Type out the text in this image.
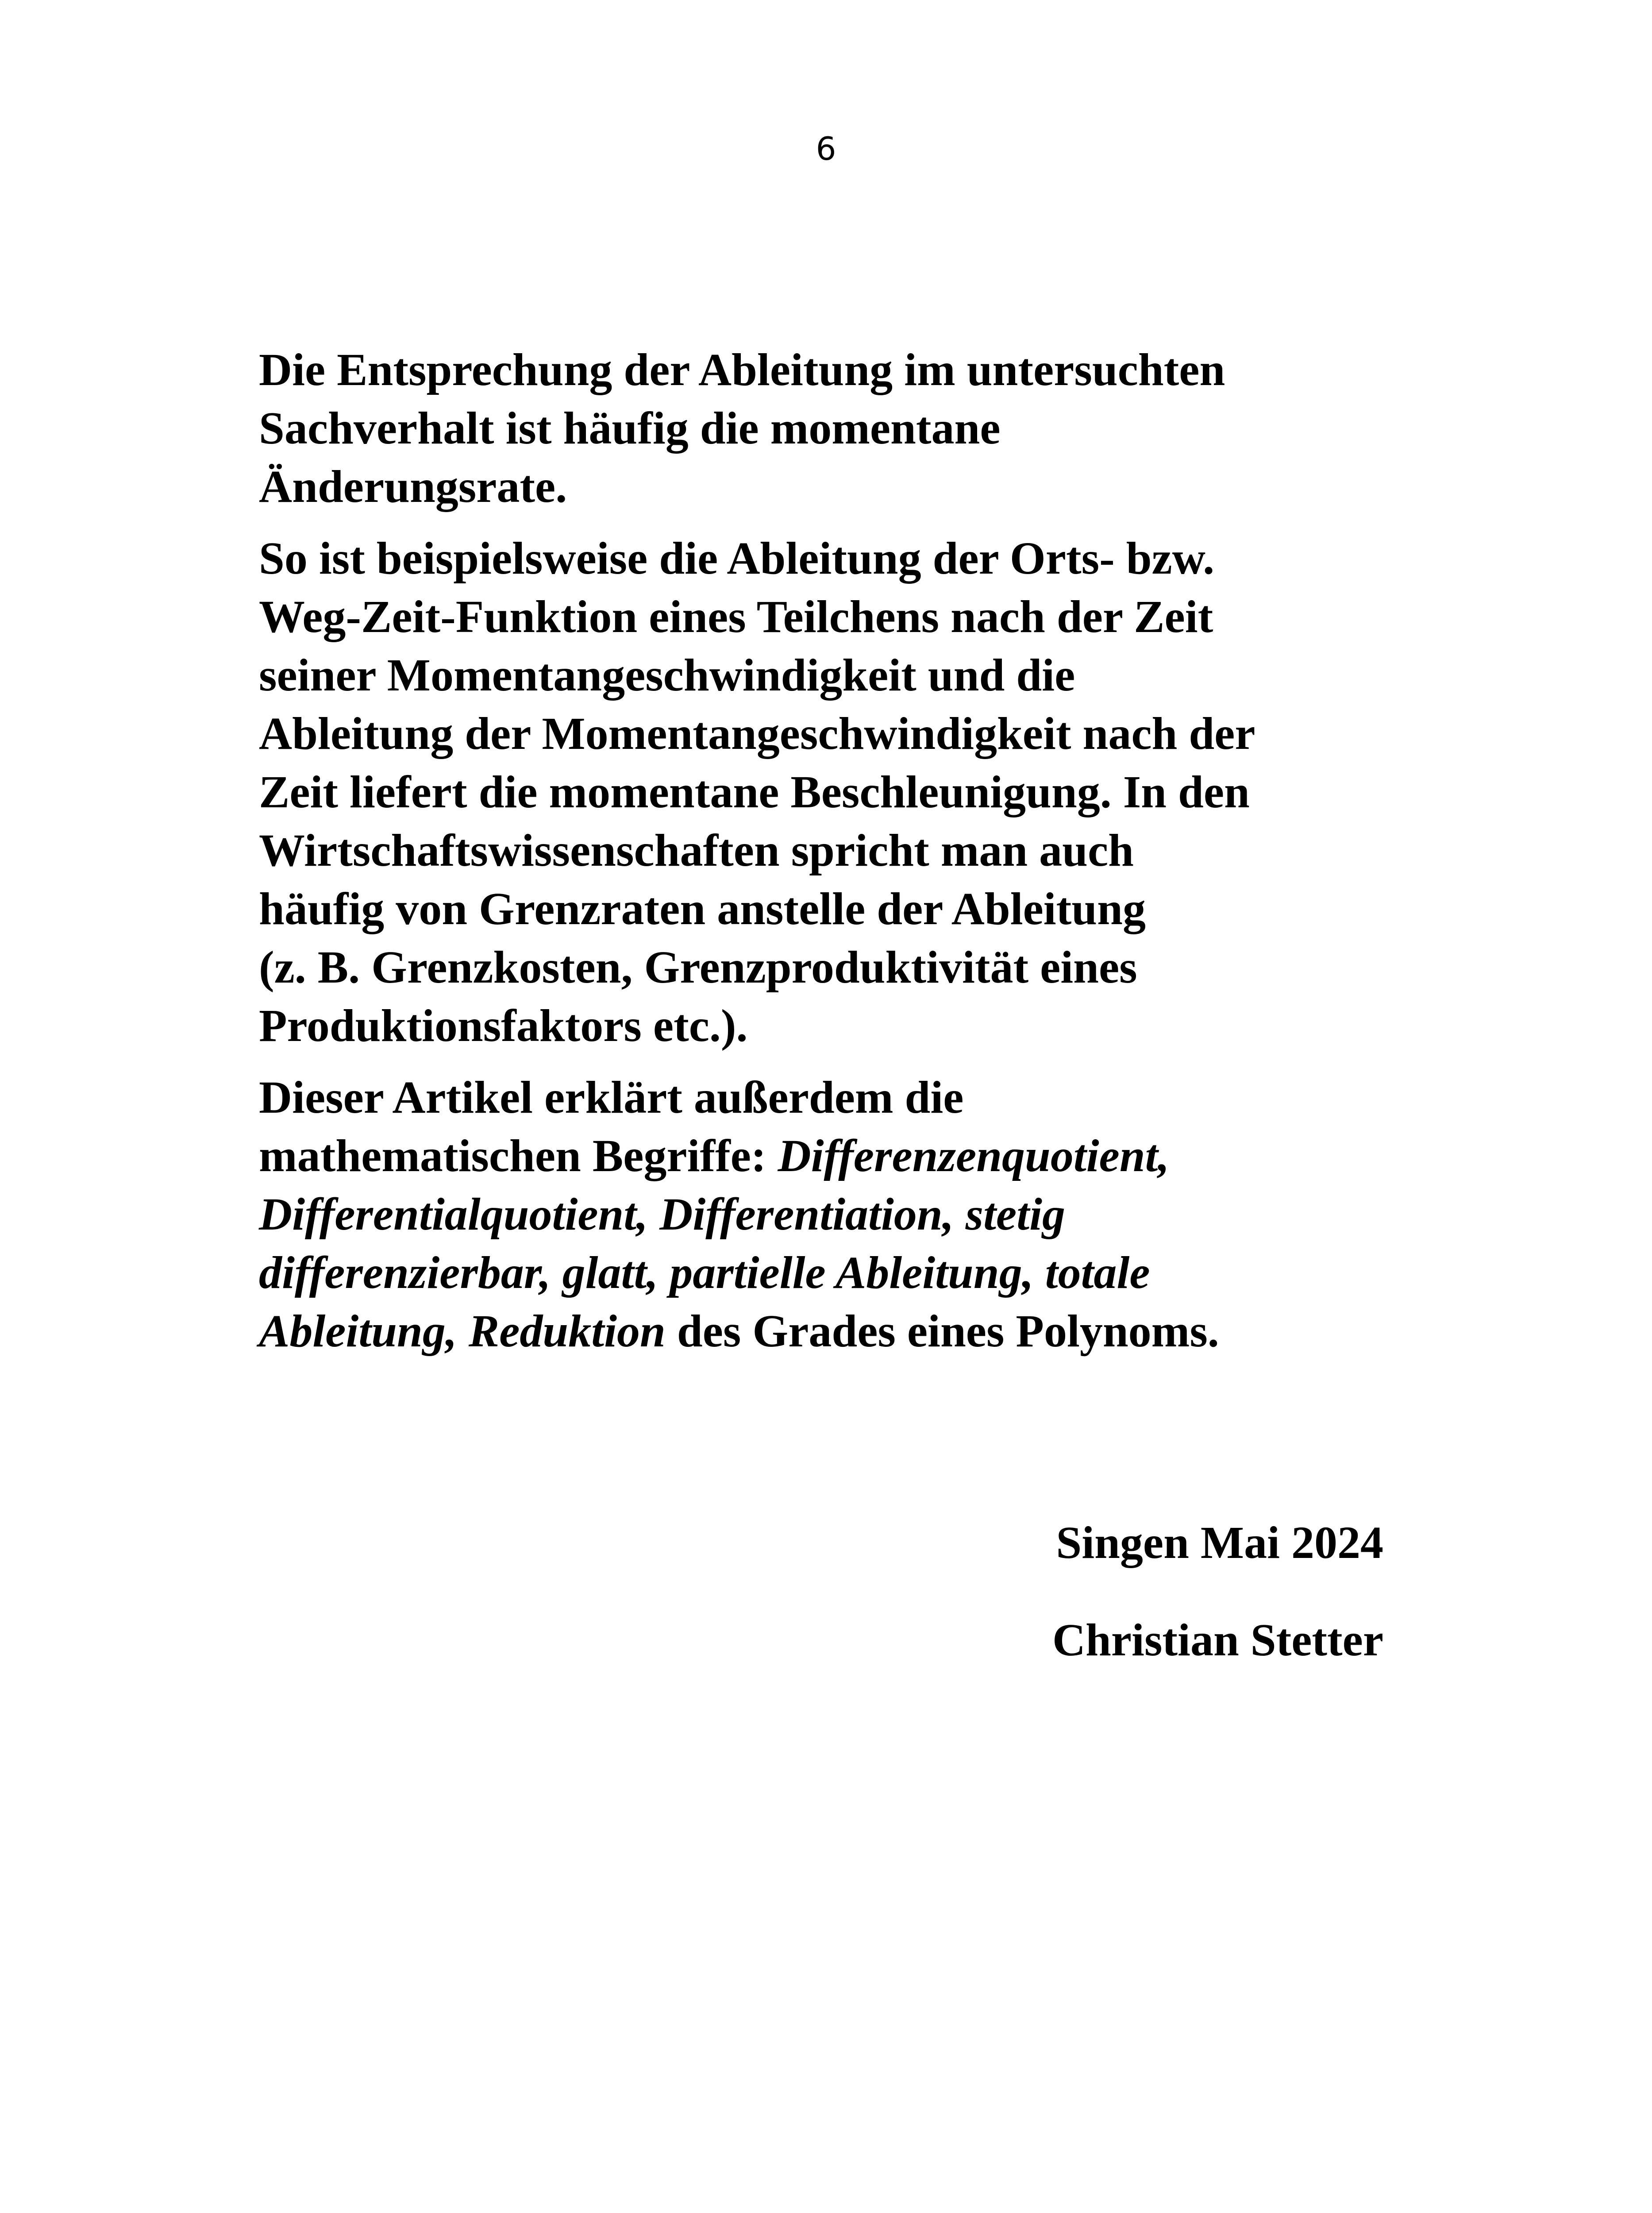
6

Die Entsprechung der Ableitung im untersuchten
Sachverhalt ist häufig die momentane
Änderungsrate.

So ist beispielsweise die Ableitung der Orts- bzw.
Weg-Zeit-Funktion eines Teilchens nach der Zeit
seiner Momentangeschwindigkeit und die
Ableitung der Momentangeschwindigkeit nach der
Zeit liefert die momentane Beschleunigung. In den
Wirtschaftswissenschaften spricht man auch
häufig von Grenzraten anstelle der Ableitung
(z. B. Grenzkosten, Grenzproduktivität eines
Produktionsfaktors etc.).

Dieser Artikel erklärt außerdem die
mathematischen Begriffe: Differenzenquotient,
Differentialquotient, Differentiation, stetig
differenzierbar, glatt, partielle Ableitung, totale
Ableitung, Reduktion des Grades eines Polynoms.

Singen Mai 2024
Christian Stetter
